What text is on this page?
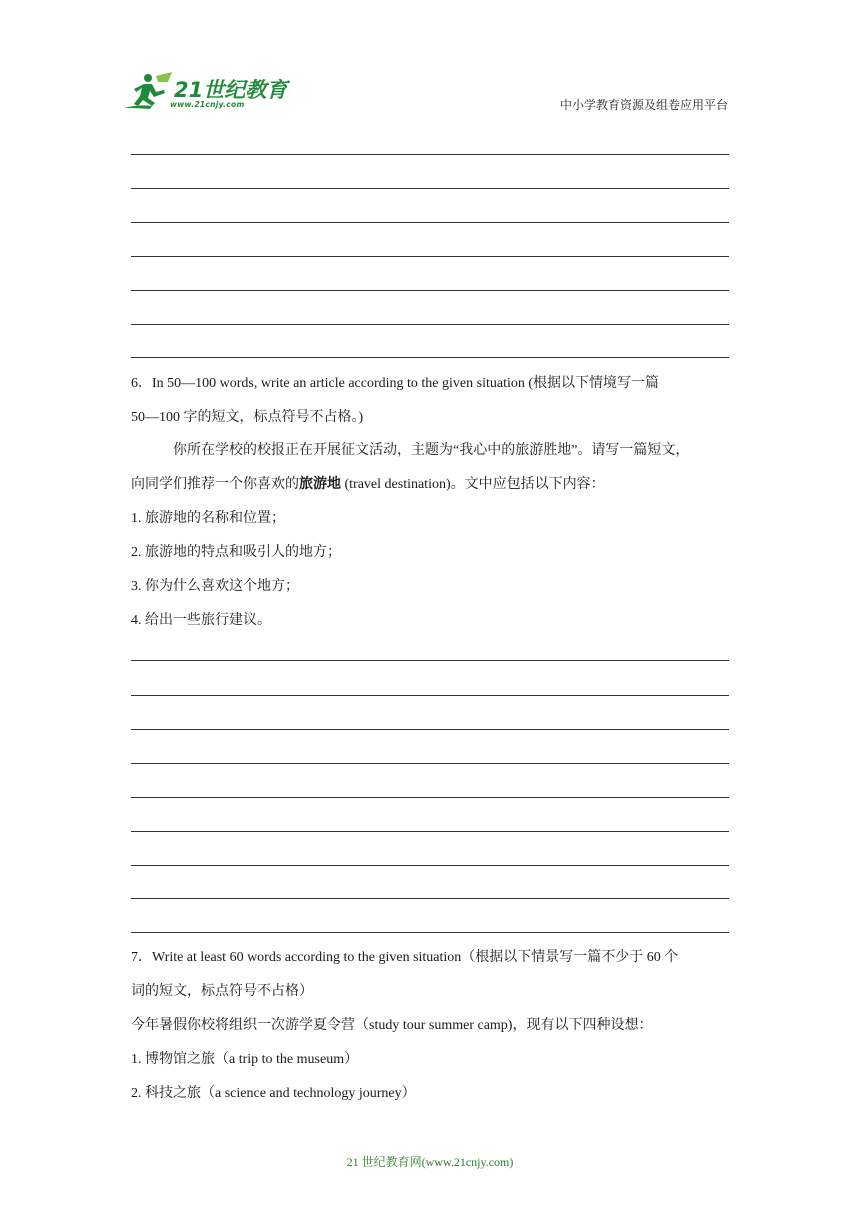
21世纪教育
www.21cnjy.com	中小学教育资源及组卷应用平台
6．In 50—100 words, write an article according to the given situation (根据以下情境写一篇
50—100 字的短文，标点符号不占格。)
你所在学校的校报正在开展征文活动，主题为“我心中的旅游胜地”。请写一篇短文，
向同学们推荐一个你喜欢的旅游地 (travel destination)。文中应包括以下内容：
1. 旅游地的名称和位置；
2. 旅游地的特点和吸引人的地方；
3. 你为什么喜欢这个地方；
4. 给出一些旅行建议。
7．Write at least 60 words according to the given situation（根据以下情景写一篇不少于 60 个
词的短文，标点符号不占格）
今年暑假你校将组织一次游学夏令营（study tour summer camp)，现有以下四种设想：
1. 博物馆之旅（a trip to the museum）
2. 科技之旅（a science and technology journey）
21 世纪教育网(www.21cnjy.com)
